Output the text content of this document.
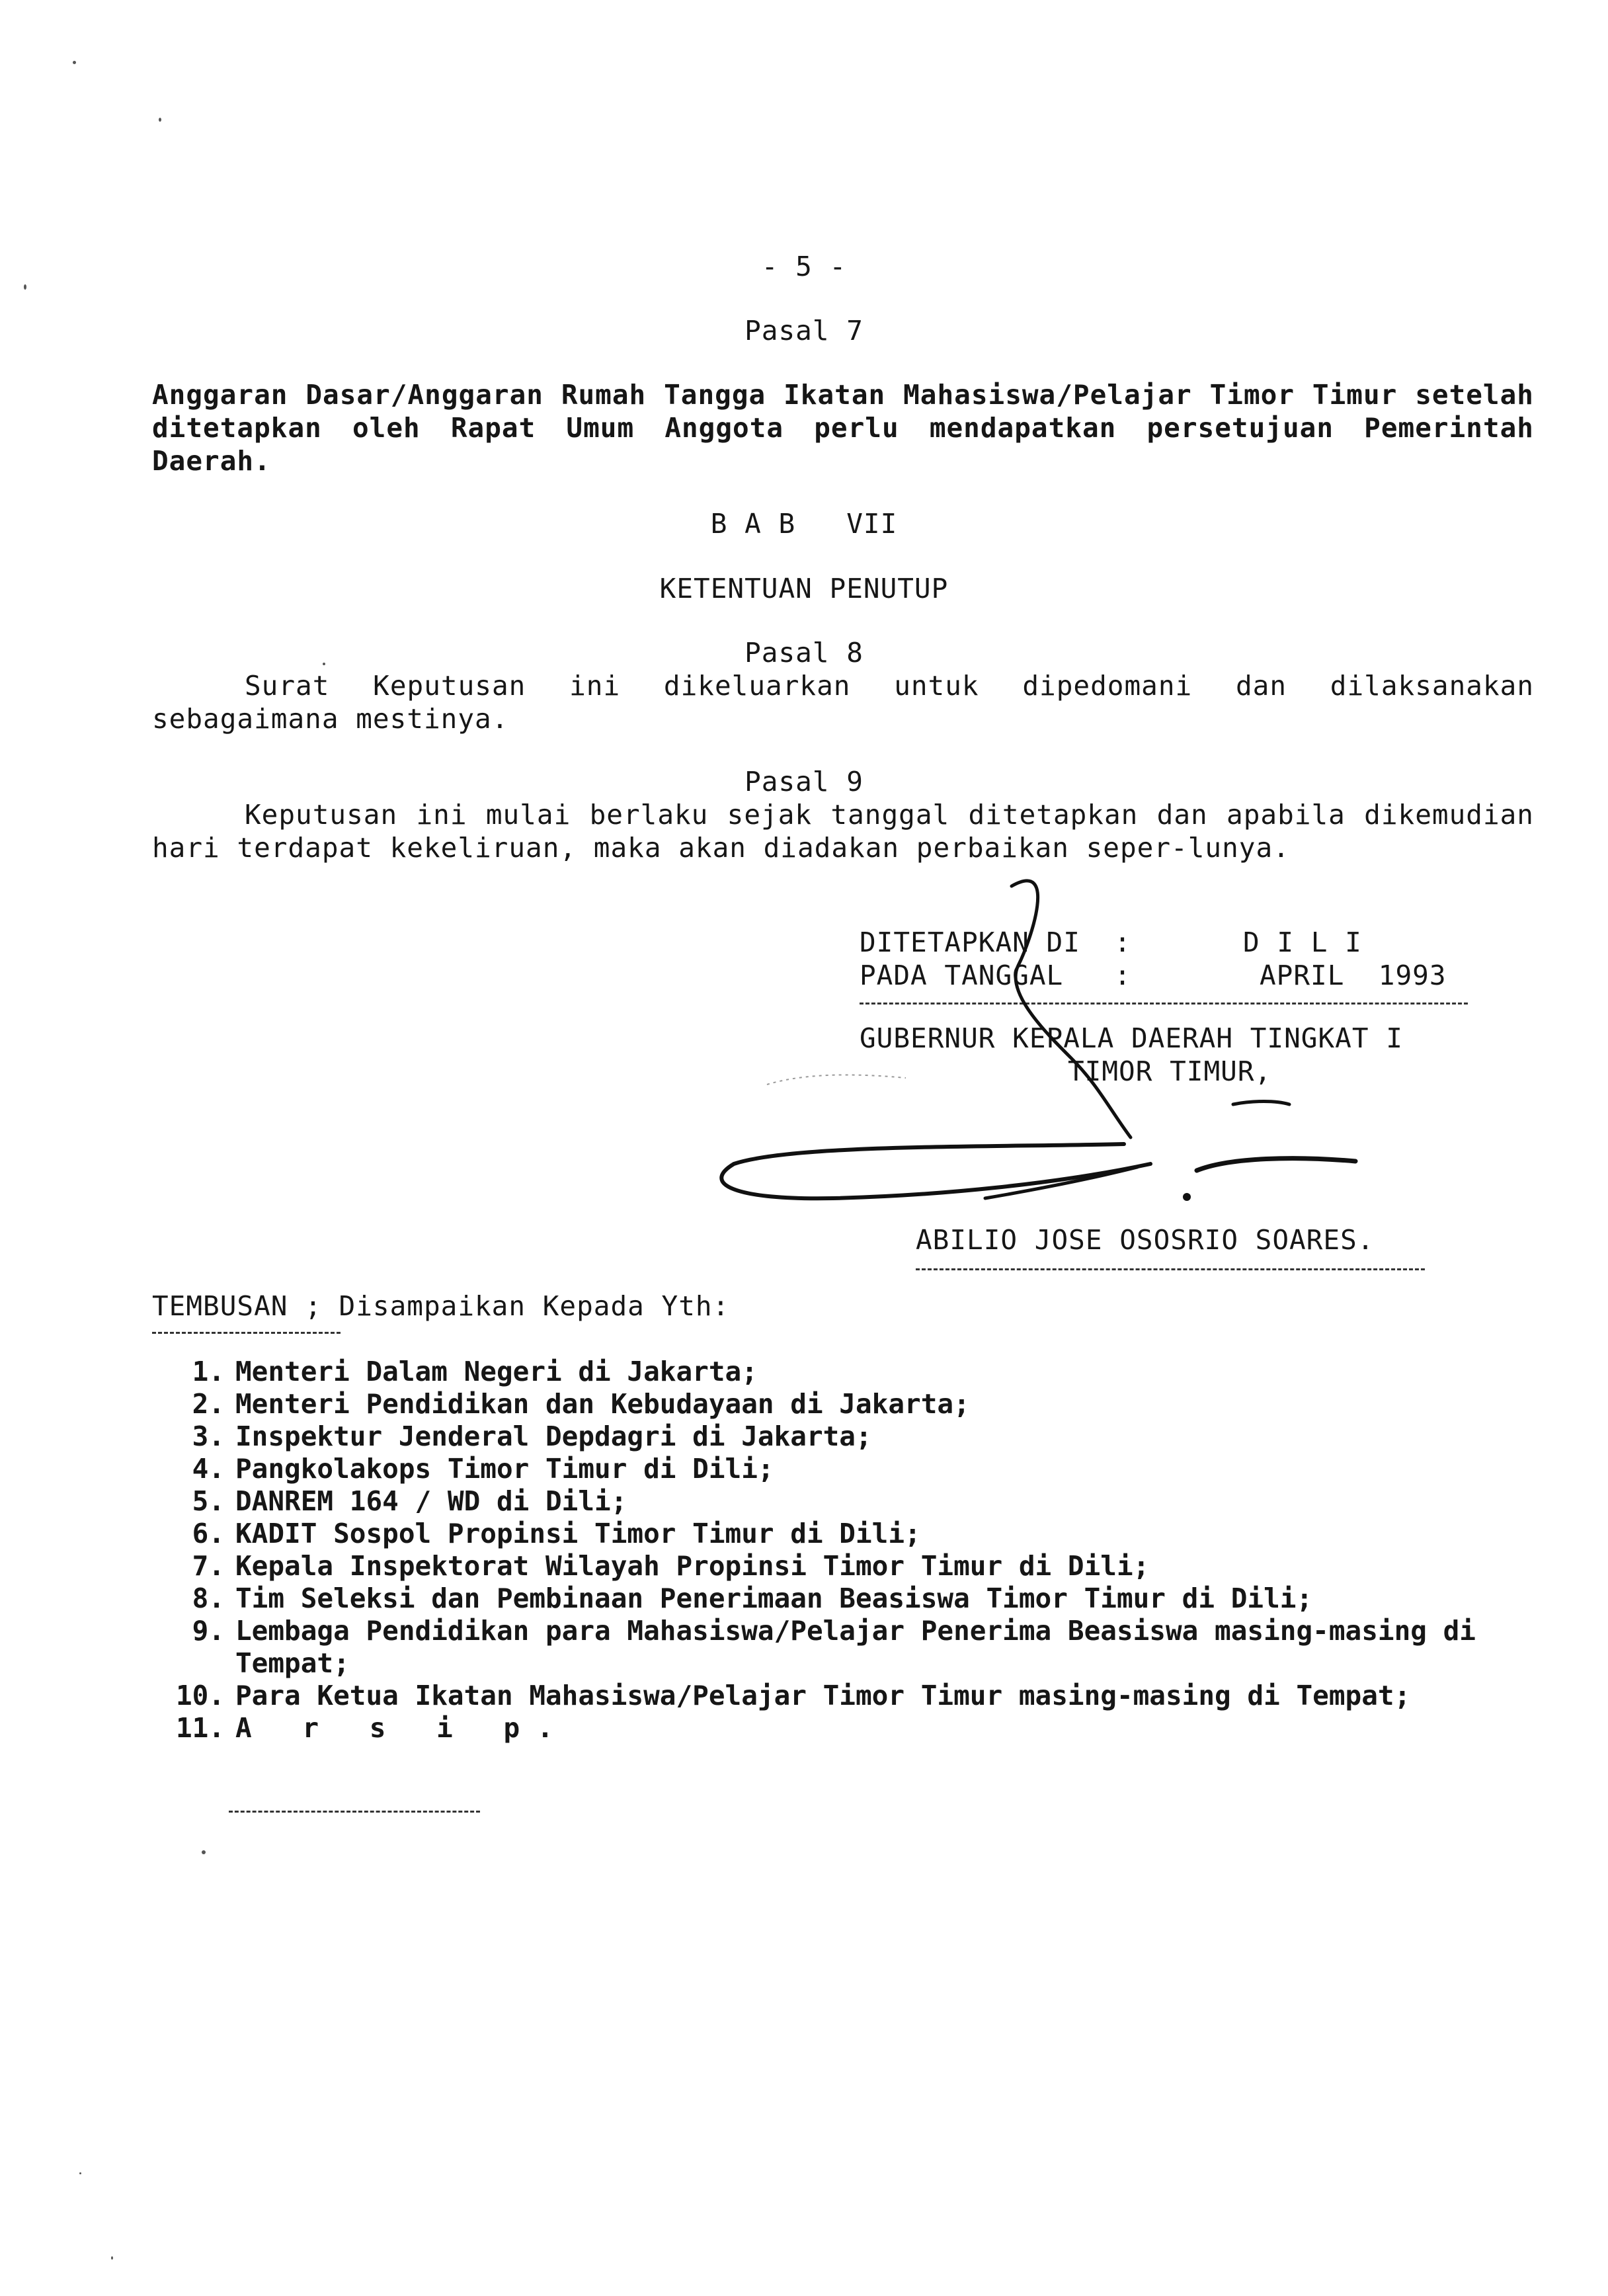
- 5 -
Pasal 7
Anggaran Dasar/Anggaran Rumah Tangga Ikatan Mahasiswa/Pelajar Timor Timur setelah ditetapkan oleh Rapat Umum Anggota perlu mendapatkan persetujuan Pemerintah Daerah.
B A B   VII
KETENTUAN PENUTUP
Pasal 8
Surat Keputusan ini dikeluarkan untuk dipedomani dan dilaksanakan sebagaimana mestinya.
Pasal 9
Keputusan ini mulai berlaku sejak tanggal ditetapkan dan apabila dikemudian hari terdapat kekeliruan, maka akan diadakan perbaikan seper-lunya.
DITETAPKAN DI  :	D I L I
PADA TANGGAL   :	APRIL  1993
GUBERNUR KEPALA DAERAH TINGKAT I
TIMOR TIMUR,
ABILIO JOSE OSOSRIO SOARES.
TEMBUSAN ; Disampaikan Kepada Yth:
1. Menteri Dalam Negeri di Jakarta;
2. Menteri Pendidikan dan Kebudayaan di Jakarta;
3. Inspektur Jenderal Depdagri di Jakarta;
4. Pangkolakops Timor Timur di Dili;
5. DANREM 164 / WD di Dili;
6. KADIT Sospol Propinsi Timor Timur di Dili;
7. Kepala Inspektorat Wilayah Propinsi Timor Timur di Dili;
8. Tim Seleksi dan Pembinaan Penerimaan Beasiswa Timor Timur di Dili;
9. Lembaga Pendidikan para Mahasiswa/Pelajar Penerima Beasiswa masing-masing di Tempat;
10. Para Ketua Ikatan Mahasiswa/Pelajar Timor Timur masing-masing di Tempat;
11. A r s i p.
